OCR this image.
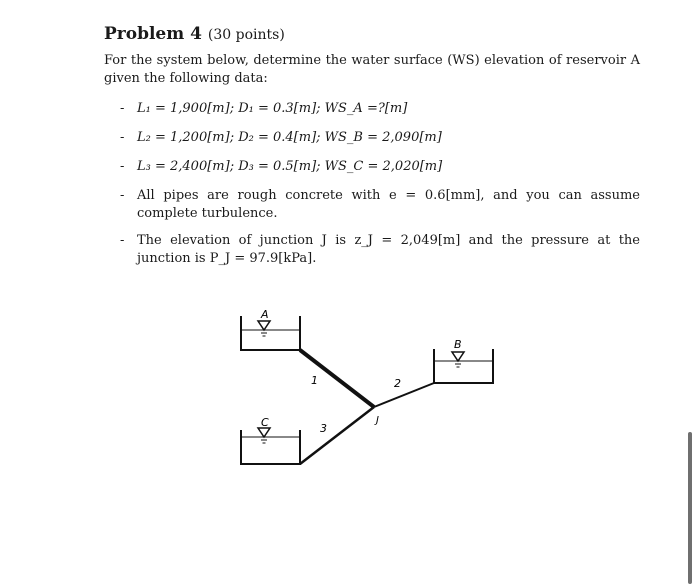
Problem 4 (30 points)
For the system below, determine the water surface (WS) elevation of reservoir A given the following data:
- L₁ = 1,900[m]; D₁ = 0.3[m]; WS_A =?[m]
- L₂ = 1,200[m]; D₂ = 0.4[m]; WS_B = 2,090[m]
- L₃ = 2,400[m]; D₃ = 0.5[m]; WS_C = 2,020[m]
- All pipes are rough concrete with e = 0.6[mm], and you can assume complete turbulence.
- The elevation of junction J is z_J = 2,049[m] and the pressure at the junction is P_J = 97.9[kPa].
A
B
C
1	2
3
J
